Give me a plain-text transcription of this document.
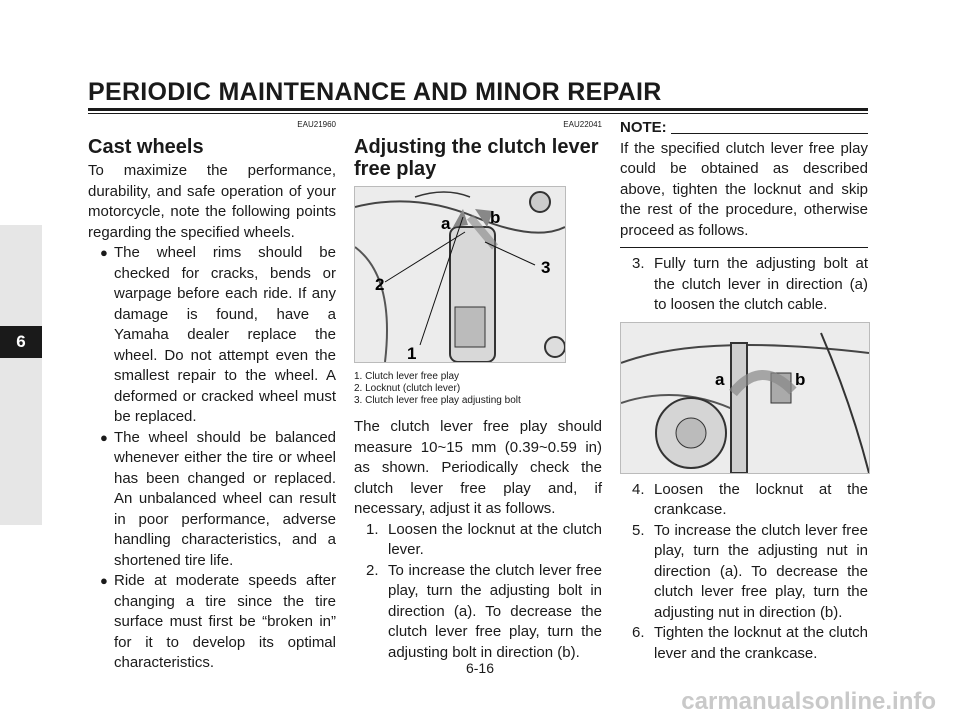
PERIODIC MAINTENANCE AND MINOR REPAIR
6
EAU21960
Cast wheels

To maximize the performance, durability, and safe operation of your motorcycle, note the following points regarding the specified wheels.

● The wheel rims should be checked for cracks, bends or warpage before each ride. If any damage is found, have a Yamaha dealer replace the wheel. Do not attempt even the smallest repair to the wheel. A deformed or cracked wheel must be replaced.
● The wheel should be balanced whenever either the tire or wheel has been changed or replaced. An unbalanced wheel can result in poor performance, adverse handling characteristics, and a shortened tire life.
● Ride at moderate speeds after changing a tire since the tire surface must first be “broken in” for it to develop its optimal characteristics.
EAU22041
Adjusting the clutch lever free play
a b
1
2
3
1. Clutch lever free play
2. Locknut (clutch lever)
3. Clutch lever free play adjusting bolt

The clutch lever free play should measure 10~15 mm (0.39~0.59 in) as shown. Periodically check the clutch lever free play and, if necessary, adjust it as follows.

1. Loosen the locknut at the clutch lever.
2. To increase the clutch lever free play, turn the adjusting bolt in direction (a). To decrease the clutch lever free play, turn the adjusting bolt in direction (b).
NOTE:

If the specified clutch lever free play could be obtained as described above, tighten the locknut and skip the rest of the procedure, otherwise proceed as follows.

3. Fully turn the adjusting bolt at the clutch lever in direction (a) to loosen the clutch cable.
a	b
4. Loosen the locknut at the crankcase.
5. To increase the clutch lever free play, turn the adjusting nut in direction (a). To decrease the clutch lever free play, turn the adjusting nut in direction (b).
6. Tighten the locknut at the clutch lever and the crankcase.
6-16
carmanualsonline.info
